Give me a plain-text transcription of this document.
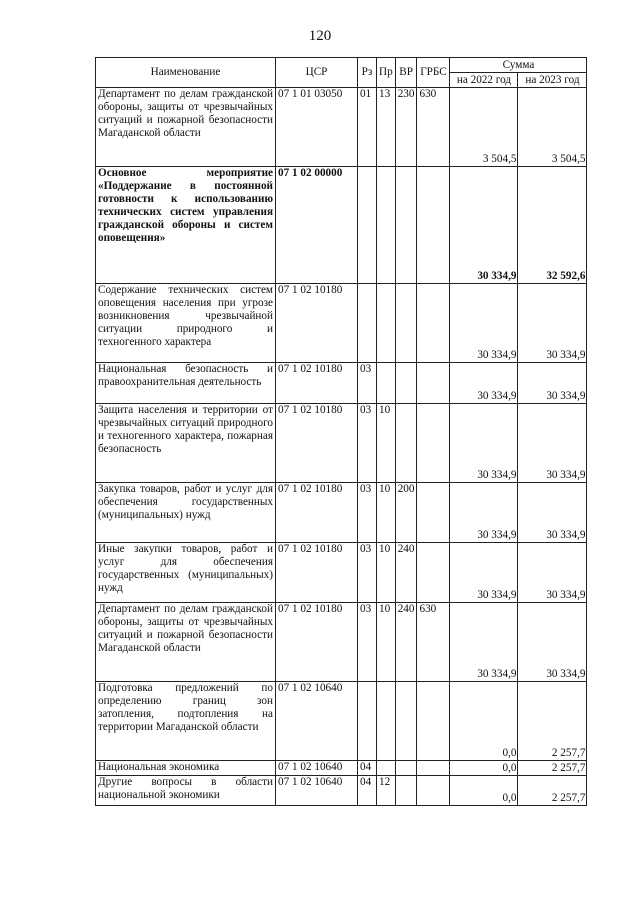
120
Наименование	ЦСР	Рз	Пр	ВР	ГРБС	Сумма	
						на 2022 год	на 2023 год
Департамент по делам гражданской обороны, защиты от чрезвычайных ситуаций и пожарной безопасности Магаданской области	07 1 01 03050	01	13	230	630	3 504,5	3 504,5
Основное мероприятие «Поддержание в постоянной готовности к использованию технических систем управления гражданской обороны и систем оповещения»	07 1 02 00000					30 334,9	32 592,6
Содержание технических систем оповещения населения при угрозе возникновения чрезвычайной ситуации природного и техногенного характера	07 1 02 10180					30 334,9	30 334,9
Национальная безопасность и правоохранительная деятельность	07 1 02 10180	03				30 334,9	30 334,9
Защита населения и территории от чрезвычайных ситуаций природного и техногенного характера, пожарная безопасность	07 1 02 10180	03	10			30 334,9	30 334,9
Закупка товаров, работ и услуг для обеспечения государственных (муниципальных) нужд	07 1 02 10180	03	10	200		30 334,9	30 334,9
Иные закупки товаров, работ и услуг для обеспечения государственных (муниципальных) нужд	07 1 02 10180	03	10	240		30 334,9	30 334,9
Департамент по делам гражданской обороны, защиты от чрезвычайных ситуаций и пожарной безопасности Магаданской области	07 1 02 10180	03	10	240	630	30 334,9	30 334,9
Подготовка предложений по определению границ зон затопления, подтопления на территории Магаданской области	07 1 02 10640					0,0	2 257,7
Национальная экономика	07 1 02 10640	04				0,0	2 257,7
Другие вопросы в области национальной экономики	07 1 02 10640	04	12			0,0	2 257,7
